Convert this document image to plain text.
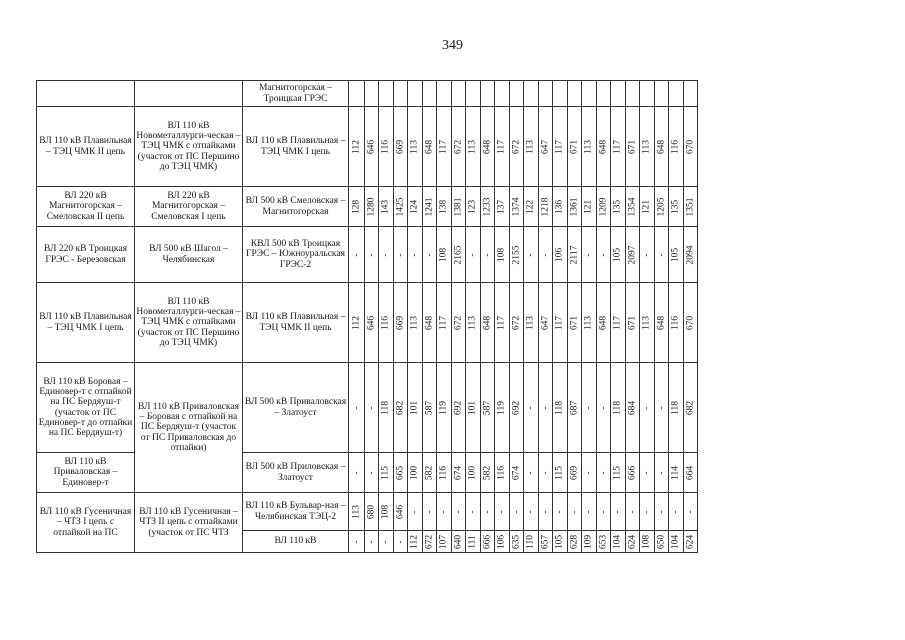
349
		Магнитогорская – Троицкая ГРЭС	

ВЛ 110 кВ Плавильная – ТЭЦ ЧМК II цепь	ВЛ 110 кВ Новометаллурги-ческая – ТЭЦ ЧМК с отпайками (участок от ПС Першино до ТЭЦ ЧМК)	ВЛ 110 кВ Плавильная – ТЭЦ ЧМК I цепь	112	646	116	669	113	648	117	672	113	648	117	672	113	647	117	671	113	648	117	671	113	648	116	670

ВЛ 220 кВ Магнитогорская – Смеловская II цепь	ВЛ 220 кВ Магнитогорская – Смеловская I цепь	ВЛ 500 кВ Смеловская – Магнитогорская	128	1280	143	1425	124	1241	138	1381	123	1233	137	1374	122	1218	136	1361	121	1209	135	1354	121	1205	135	1351

ВЛ 220 кВ Троицкая ГРЭС - Березовская	ВЛ 500 кВ Шагол – Челябинская	КВЛ 500 кВ Троицкая ГРЭС – Южноуральская ГРЭС-2	-	-	-	-	-	-	108	2165	-	-	108	2155	-	-	106	2117	-	-	105	2097	-	-	105	2094

ВЛ 110 кВ Плавильная – ТЭЦ ЧМК I цепь	ВЛ 110 кВ Новометаллурги-ческая – ТЭЦ ЧМК с отпайками (участок от ПС Першино до ТЭЦ ЧМК)	ВЛ 110 кВ Плавильная – ТЭЦ ЧМК II цепь	112	646	116	669	113	648	117	672	113	648	117	672	113	647	117	671	113	648	117	671	113	648	116	670

ВЛ 110 кВ Боровая – Единовер-т с отпайкой на ПС Бердяуш-т (участок от ПС Единовер-т до отпайки на ПС Бердяуш-т)	ВЛ 110 кВ Приваловская – Боровая с отпайкой на ПС Бердяуш-т (участок от ПС Приваловская до отпайки)	ВЛ 500 кВ Приваловская – Златоуст	-	-	118	682	101	587	119	692	101	587	119	692	-	-	118	687	-	-	118	684	-	-	118	682

ВЛ 110 кВ Приваловская – Единовер-т		ВЛ 500 кВ Приловская – Златоуст	-	-	115	665	100	582	116	674	100	582	116	674	-	-	115	669	-	-	115	666	-	-	114	664

ВЛ 110 кВ Гусеничная – ЧТЗ I цепь с отпайкой на ПС	ВЛ 110 кВ Гусеничная – ЧТЗ II цепь с отпайками (участок от ПС ЧТЗ	ВЛ 110 кВ Бульвар-ная – Челябинская ТЭЦ-2	113	680	108	646	-	-	-	-	-	-	-	-	-	-	-	-	-	-	-	-	-	-	-	-

		ВЛ 110 кВ	-	-	-	-	112	672	107	640	111	666	106	635	110	657	105	628	109	653	104	624	108	650	104	624
